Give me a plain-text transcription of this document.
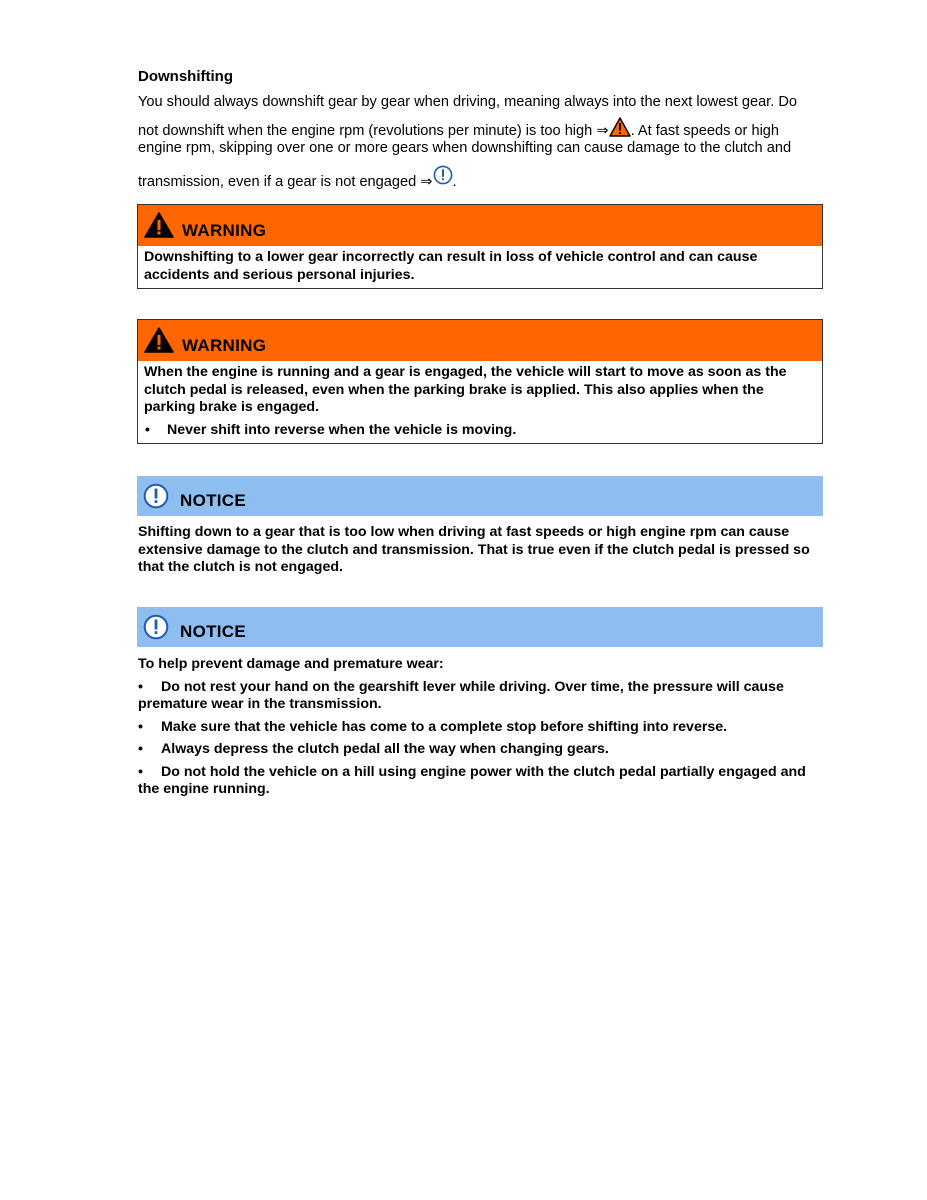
Downshifting
You should always downshift gear by gear when driving, meaning always into the next lowest gear. Do
not downshift when the engine rpm (revolutions per minute) is too high ⇒ . At fast speeds or high
engine rpm, skipping over one or more gears when downshifting can cause damage to the clutch and
transmission, even if a gear is not engaged ⇒ .
WARNING
Downshifting to a lower gear incorrectly can result in loss of vehicle control and can cause accidents and serious personal injuries.
WARNING
When the engine is running and a gear is engaged, the vehicle will start to move as soon as the clutch pedal is released, even when the parking brake is applied. This also applies when the parking brake is engaged.
•	Never shift into reverse when the vehicle is moving.
NOTICE
Shifting down to a gear that is too low when driving at fast speeds or high engine rpm can cause extensive damage to the clutch and transmission. That is true even if the clutch pedal is pressed so that the clutch is not engaged.
NOTICE
To help prevent damage and premature wear:
• Do not rest your hand on the gearshift lever while driving. Over time, the pressure will cause premature wear in the transmission.
• Make sure that the vehicle has come to a complete stop before shifting into reverse.
• Always depress the clutch pedal all the way when changing gears.
• Do not hold the vehicle on a hill using engine power with the clutch pedal partially engaged and the engine running.
